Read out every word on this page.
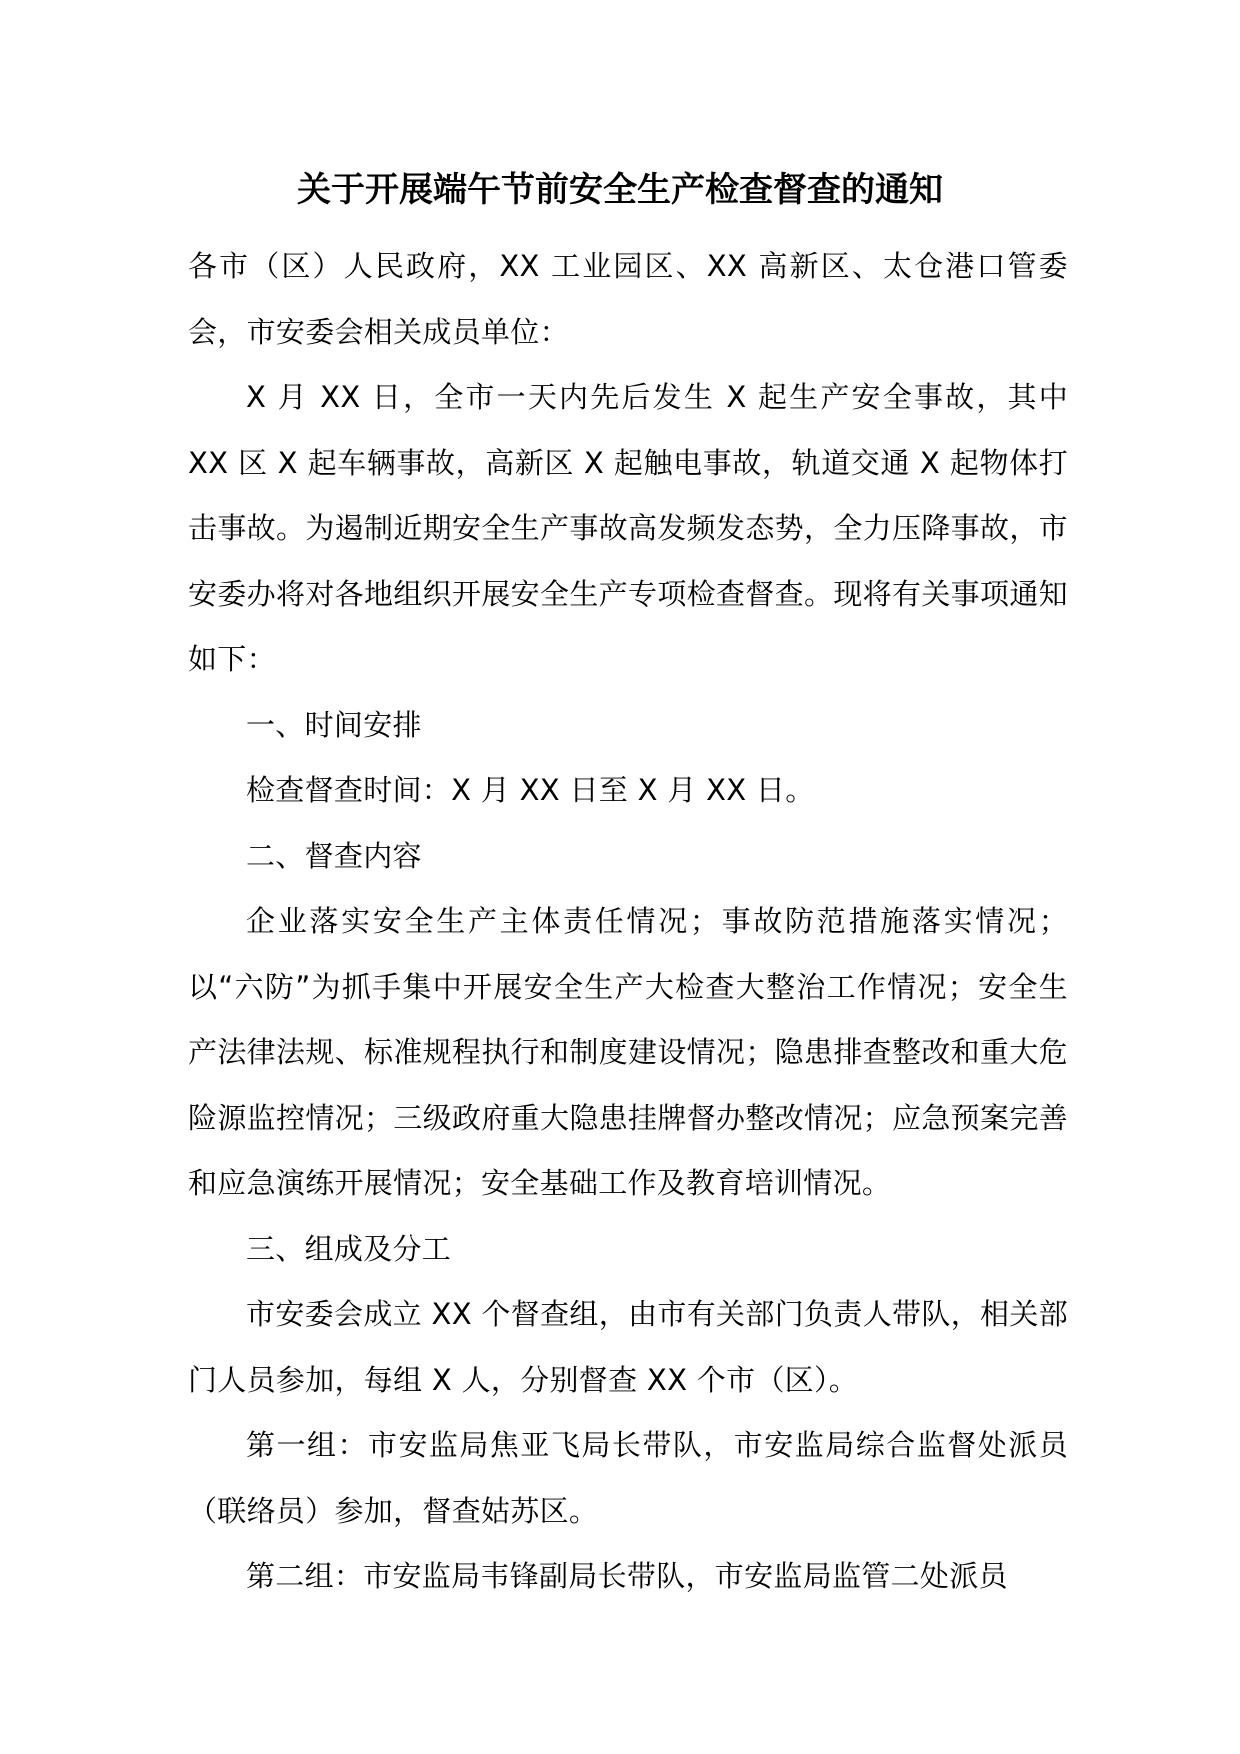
关于开展端午节前安全生产检查督查的通知

各市（区）人民政府，XX 工业园区、XX 高新区、太仓港口管委会，市安委会相关成员单位：

X 月 XX 日，全市一天内先后发生 X 起生产安全事故，其中 XX 区 X 起车辆事故，高新区 X 起触电事故，轨道交通 X 起物体打击事故。为遏制近期安全生产事故高发频发态势，全力压降事故，市安委办将对各地组织开展安全生产专项检查督查。现将有关事项通知如下：

一、时间安排

检查督查时间：X 月 XX 日至 X 月 XX 日。

二、督查内容

企业落实安全生产主体责任情况；事故防范措施落实情况；以“六防”为抓手集中开展安全生产大检查大整治工作情况；安全生产法律法规、标准规程执行和制度建设情况；隐患排查整改和重大危险源监控情况；三级政府重大隐患挂牌督办整改情况；应急预案完善和应急演练开展情况；安全基础工作及教育培训情况。

三、组成及分工

市安委会成立 XX 个督查组，由市有关部门负责人带队，相关部门人员参加，每组 X 人，分别督查 XX 个市（区）。

第一组：市安监局焦亚飞局长带队，市安监局综合监督处派员（联络员）参加，督查姑苏区。

第二组：市安监局韦锋副局长带队，市安监局监管二处派员
